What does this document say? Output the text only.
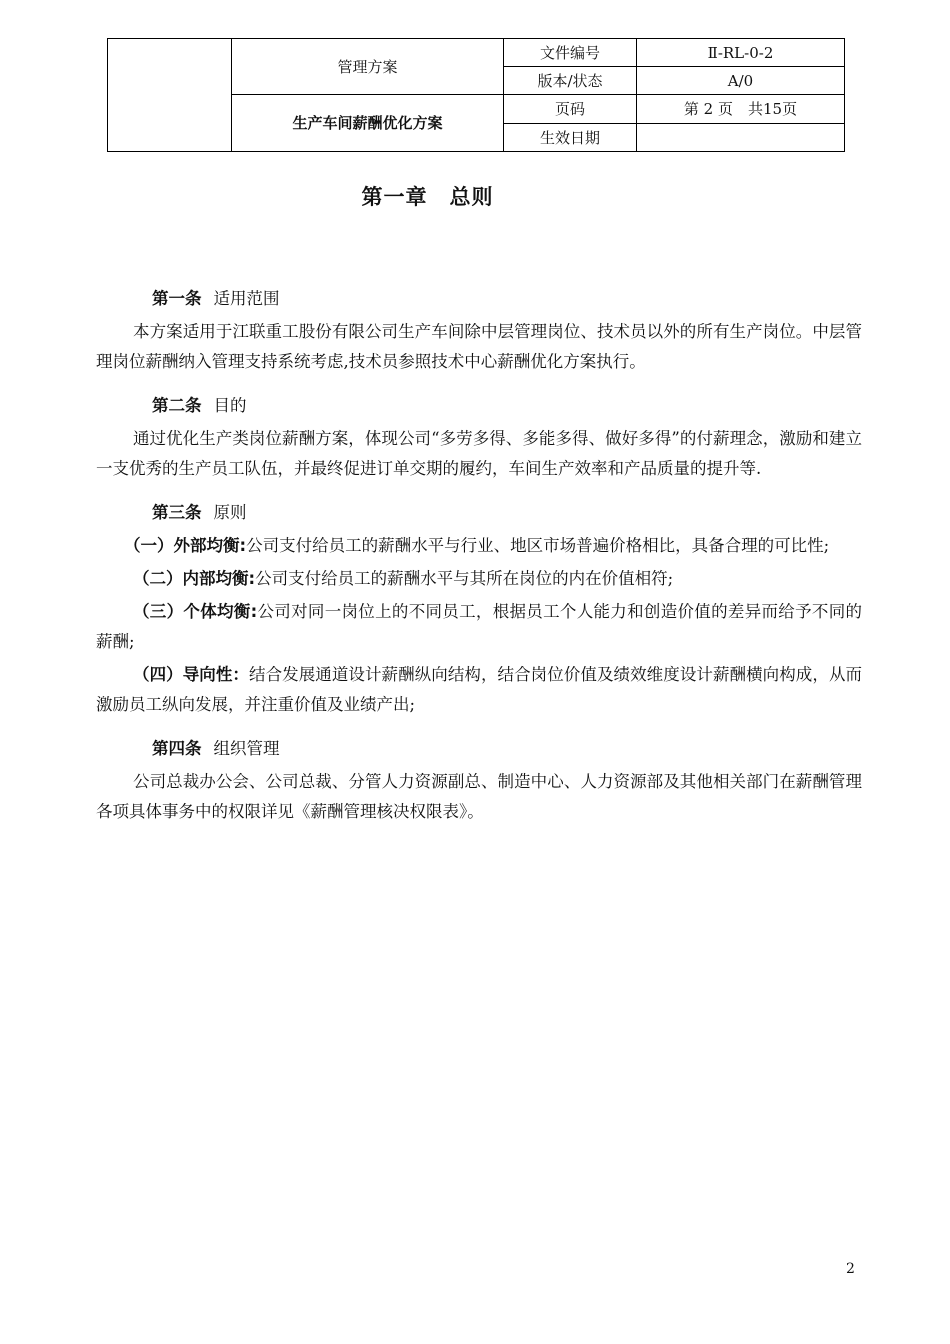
	管理方案	文件编号	Ⅱ-RL-0-2
		版本/状态	A/0
	生产车间薪酬优化方案	页码	第 2 页　共15页
		生效日期	
第一章 总则
第一条 适用范围
本方案适用于江联重工股份有限公司生产车间除中层管理岗位、技术员以外的所有生产岗位。中层管理岗位薪酬纳入管理支持系统考虑,技术员参照技术中心薪酬优化方案执行。
第二条 目的
通过优化生产类岗位薪酬方案，体现公司“多劳多得、多能多得、做好多得”的付薪理念，激励和建立一支优秀的生产员工队伍，并最终促进订单交期的履约，车间生产效率和产品质量的提升等.
第三条 原则
（一）外部均衡:公司支付给员工的薪酬水平与行业、地区市场普遍价格相比，具备合理的可比性;
（二）内部均衡:公司支付给员工的薪酬水平与其所在岗位的内在价值相符;
（三）个体均衡:公司对同一岗位上的不同员工，根据员工个人能力和创造价值的差异而给予不同的薪酬;
（四）导向性：结合发展通道设计薪酬纵向结构，结合岗位价值及绩效维度设计薪酬横向构成，从而激励员工纵向发展，并注重价值及业绩产出;
第四条 组织管理
公司总裁办公会、公司总裁、分管人力资源副总、制造中心、人力资源部及其他相关部门在薪酬管理各项具体事务中的权限详见《薪酬管理核决权限表》。
2
